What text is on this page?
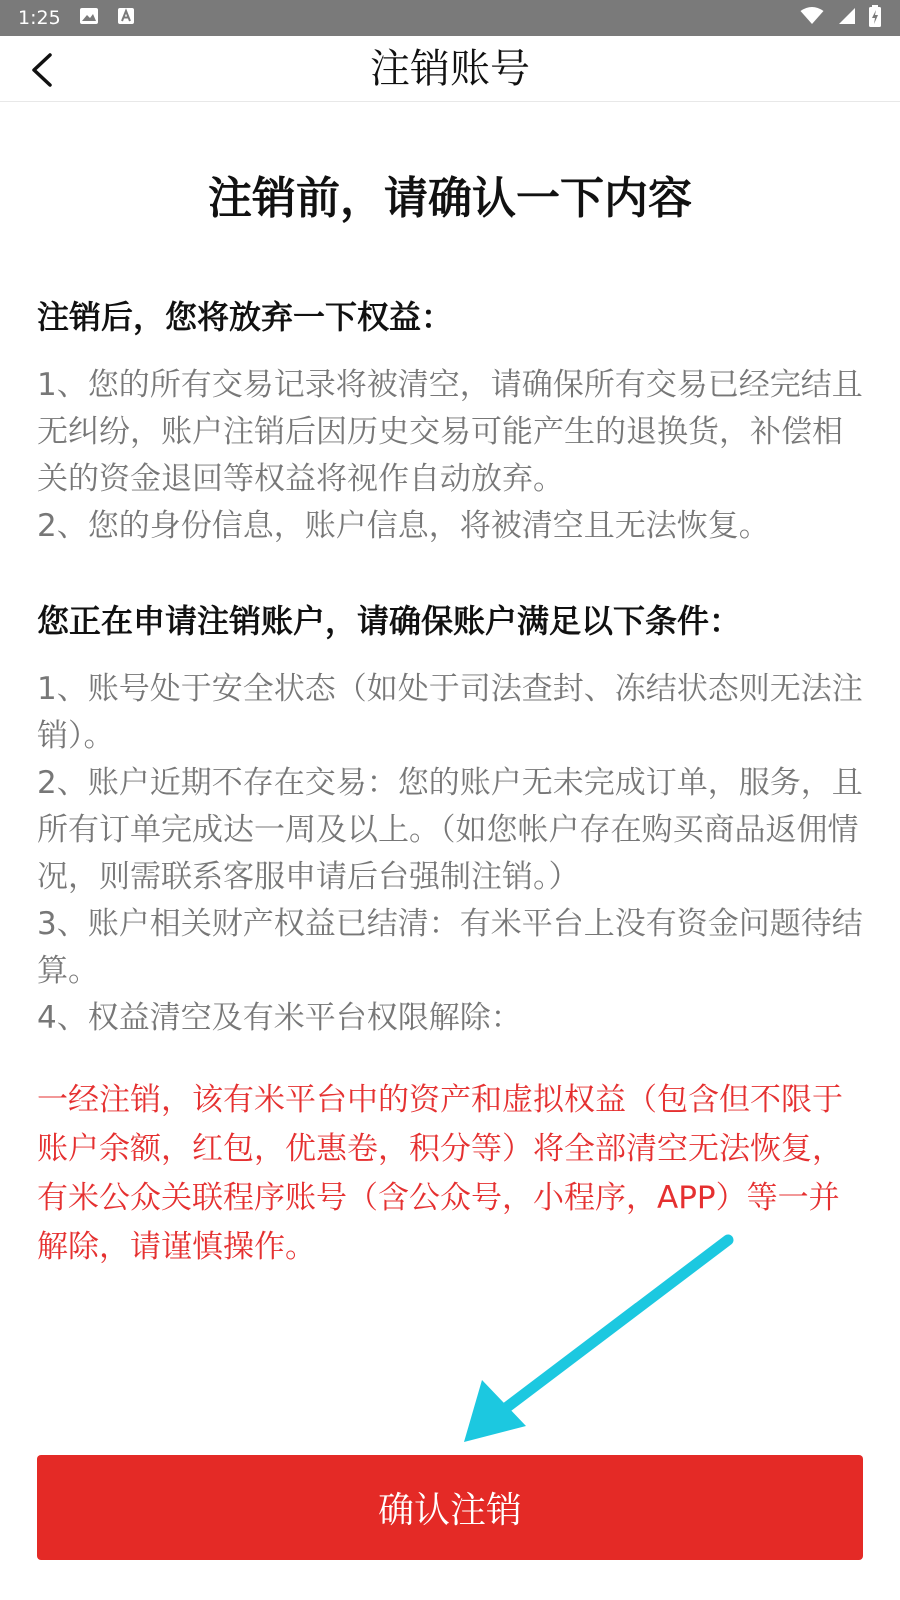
1:25
注销账号
注销前，请确认一下内容
注销后，您将放弃一下权益：
1、您的所有交易记录将被清空，请确保所有交易已经完结且无纠纷，账户注销后因历史交易可能产生的退换货，补偿相关的资金退回等权益将视作自动放弃。
2、您的身份信息，账户信息，将被清空且无法恢复。
您正在申请注销账户，请确保账户满足以下条件：
1、账号处于安全状态（如处于司法查封、冻结状态则无法注销）。
2、账户近期不存在交易：您的账户无未完成订单，服务，且所有订单完成达一周及以上。（如您帐户存在购买商品返佣情况，则需联系客服申请后台强制注销。）
3、账户相关财产权益已结清：有米平台上没有资金问题待结算。
4、权益清空及有米平台权限解除：
一经注销，该有米平台中的资产和虚拟权益（包含但不限于账户余额，红包，优惠卷，积分等）将全部清空无法恢复，有米公众关联程序账号（含公众号，小程序，APP）等一并解除，请谨慎操作。
确认注销
